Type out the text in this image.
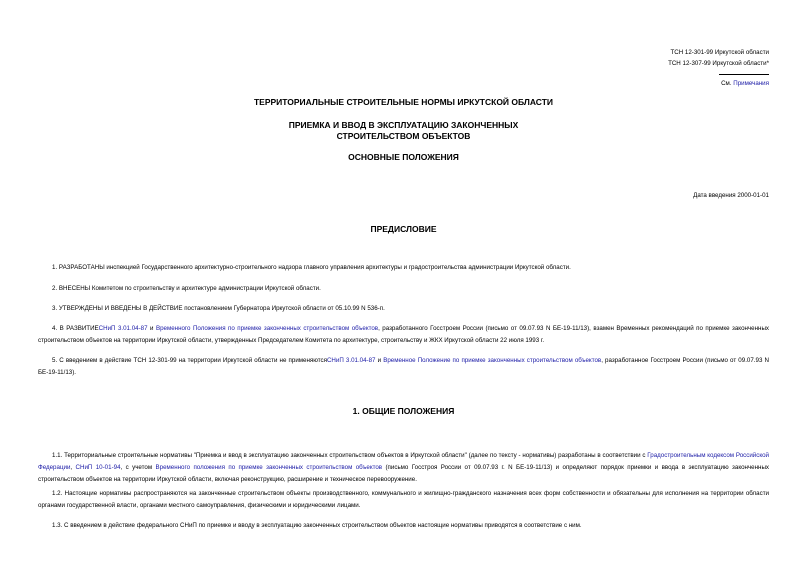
ТСН 12-301-99 Иркутской области
ТСН 12-307-99 Иркутской области*
См. Примечания
ТЕРРИТОРИАЛЬНЫЕ СТРОИТЕЛЬНЫЕ НОРМЫ ИРКУТСКОЙ ОБЛАСТИ
ПРИЕМКА И ВВОД В ЭКСПЛУАТАЦИЮ ЗАКОНЧЕННЫХ
СТРОИТЕЛЬСТВОМ ОБЪЕКТОВ
ОСНОВНЫЕ ПОЛОЖЕНИЯ
Дата введения 2000-01-01
ПРЕДИСЛОВИЕ
1. РАЗРАБОТАНЫ инспекцией Государственного архитектурно-строительного надзора главного управления архитектуры и градостроительства администрации Иркутской области.
2. ВНЕСЕНЫ Комитетом по строительству и архитектуре администрации Иркутской области.
3. УТВЕРЖДЕНЫ И ВВЕДЕНЫ В ДЕЙСТВИЕ постановлением Губернатора Иркутской области от 05.10.99 N 536-п.
4. В РАЗВИТИЕСНиП 3.01.04-87 и Временного Положения по приемке законченных строительством объектов, разработанного Госстроем России (письмо от 09.07.93 N БЕ-19-11/13), взамен Временных рекомендаций по приемке законченных строительством объектов на территории Иркутской области, утвержденных Председателем Комитета по архитектуре, строительству и ЖКХ Иркутской области 22 июля 1993 г.
5. С введением в действие ТСН 12-301-99 на территории Иркутской области не применяютсяСНиП 3.01.04-87 и Временное Положение по приемке законченных строительством объектов, разработанное Госстроем России (письмо от 09.07.93 N БЕ-19-11/13).
1. ОБЩИЕ ПОЛОЖЕНИЯ
1.1. Территориальные строительные нормативы "Приемка и ввод в эксплуатацию законченных строительством объектов в Иркутской области" (далее по тексту - нормативы) разработаны в соответствии с Градостроительным кодексом Российской Федерации, СНиП 10-01-94, с учетом Временного положения по приемке законченных строительством объектов (письмо Госстроя России от 09.07.93 г. N БЕ-19-11/13) и определяют порядок приемки и ввода в эксплуатацию законченных строительством объектов на территории Иркутской области, включая реконструкцию, расширение и техническое перевооружение.
1.2. Настоящие нормативы распространяются на законченные строительством объекты производственного, коммунального и жилищно-гражданского назначения всех форм собственности и обязательны для исполнения на территории области органами государственной власти, органами местного самоуправления, физическими и юридическими лицами.
1.3. С введением в действие федерального СНиП по приемке и вводу в эксплуатацию законченных строительством объектов настоящие нормативы приводятся в соответствие с ним.
